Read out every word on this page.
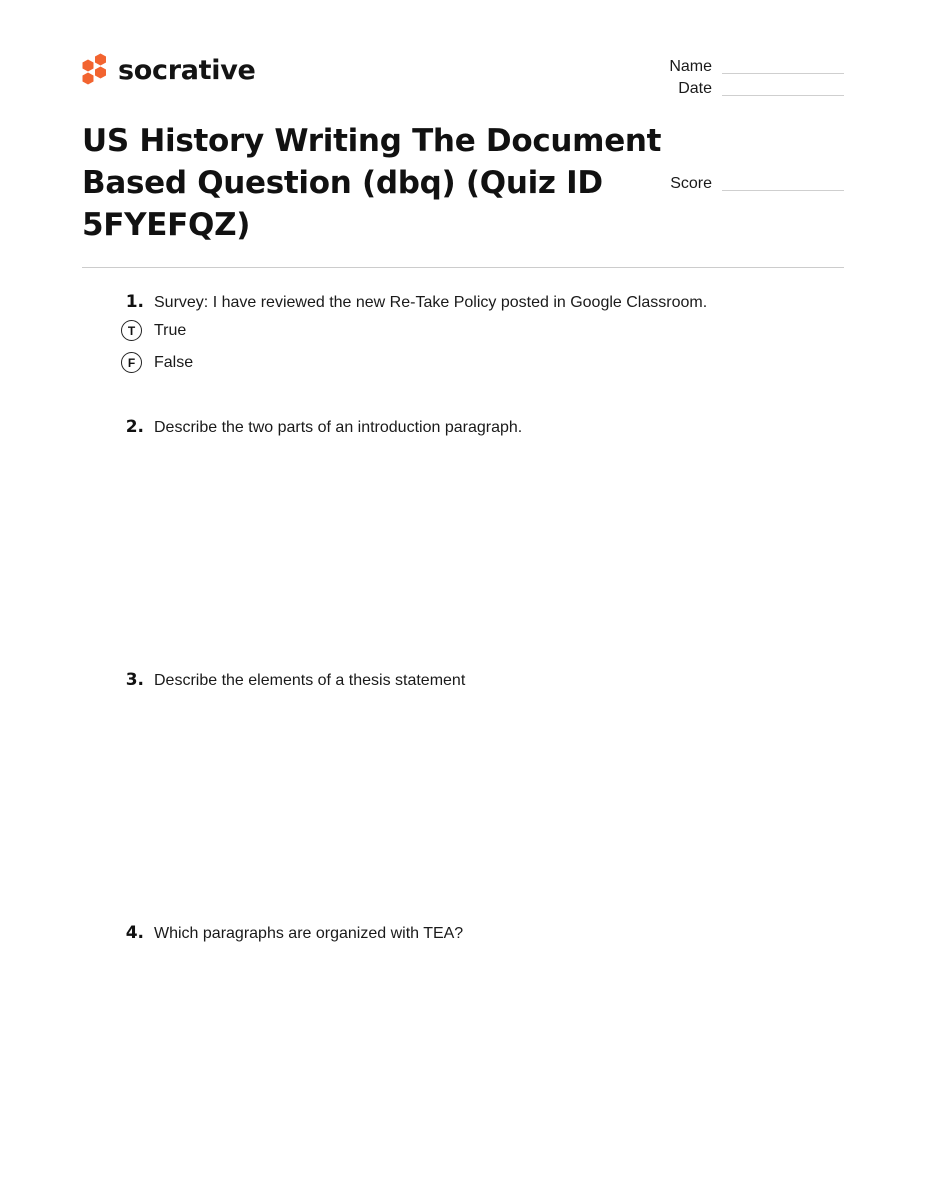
socrative	Name
Date
Score
US History Writing The Document Based Question (dbq) (Quiz ID 5FYEFQZ)
1. Survey: I have reviewed the new Re-Take Policy posted in Google Classroom.
T	True
F	False
2. Describe the two parts of an introduction paragraph.
3. Describe the elements of a thesis statement
4. Which paragraphs are organized with TEA?
